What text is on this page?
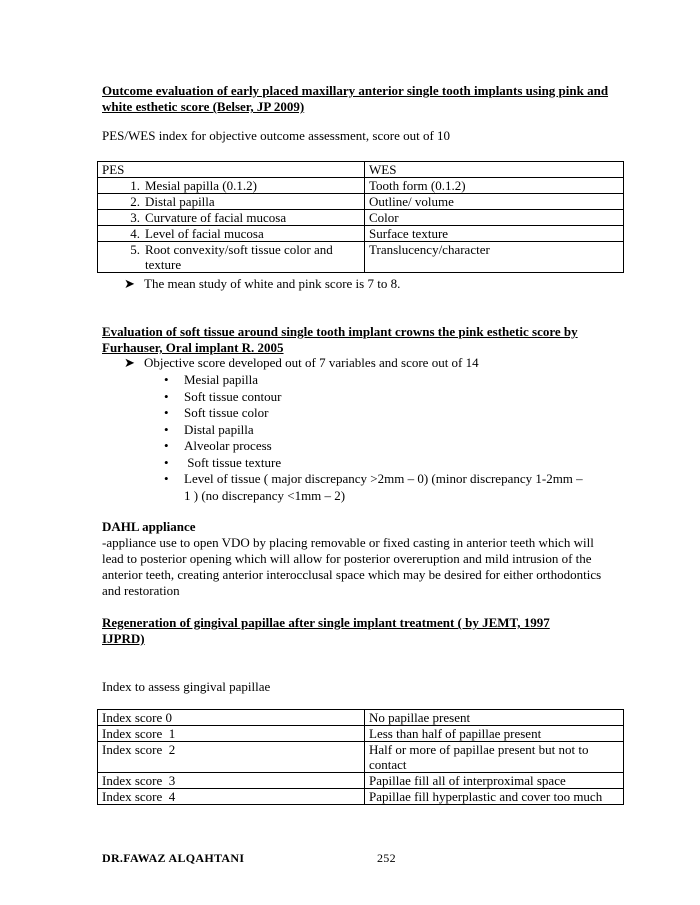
Outcome evaluation of early placed maxillary anterior single tooth implants using pink and white esthetic score (Belser, JP 2009)
PES/WES index for objective outcome assessment, score out of 10
PES	WES
1. Mesial papilla (0.1.2)	Tooth form (0.1.2)
2. Distal papilla	Outline/ volume
3. Curvature of facial mucosa	Color
4. Level of facial mucosa	Surface texture

5. Root convexity/soft tissue color and texture	Translucency/character
➤ The mean study of white and pink score is 7 to 8.
Evaluation of soft tissue around single tooth implant crowns the pink esthetic score by Furhauser, Oral implant R. 2005
➤ Objective score developed out of 7 variables and score out of 14
• Mesial papilla
• Soft tissue contour
• Soft tissue color
• Distal papilla
• Alveolar process
•  Soft tissue texture
• Level of tissue ( major discrepancy >2mm – 0) (minor discrepancy 1-2mm – 1 ) (no discrepancy <1mm – 2)
DAHL appliance
-appliance use to open VDO by placing removable or fixed casting in anterior teeth which will lead to posterior opening which will allow for posterior overeruption and mild intrusion of the anterior teeth, creating anterior interocclusal space which may be desired for either orthodontics and restoration
Regeneration of gingival papillae after single implant treatment ( by JEMT, 1997 IJPRD)
Index to assess gingival papillae
Index score 0	No papillae present
Index score  1	Less than half of papillae present
Index score  2	Half or more of papillae present but not to contact
Index score  3	Papillae fill all of interproximal space
Index score  4	Papillae fill hyperplastic and cover too much
DR.FAWAZ ALQAHTANI	252
